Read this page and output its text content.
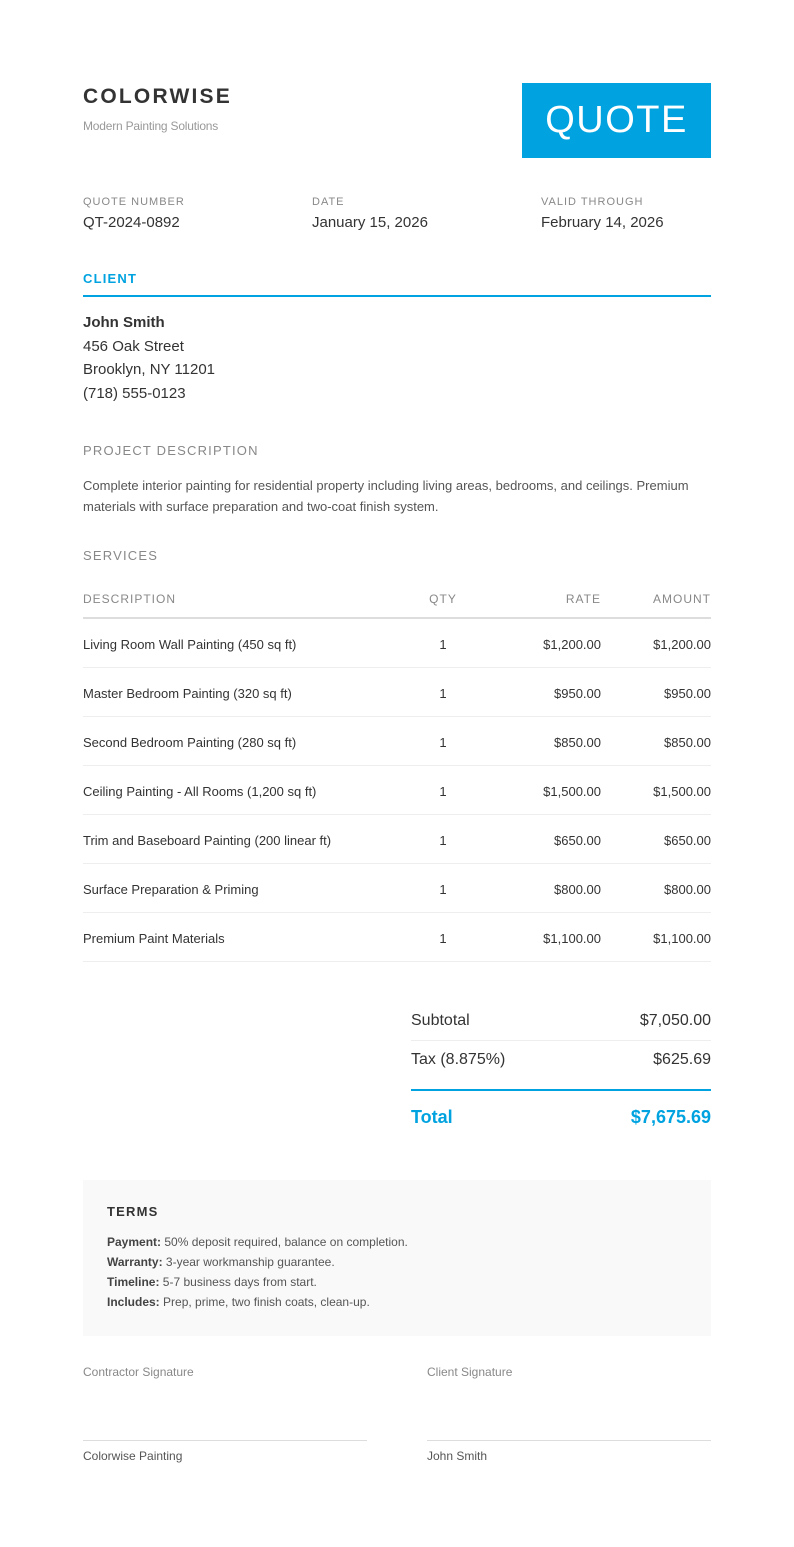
COLORWISE
Modern Painting Solutions	QUOTE
QUOTE NUMBER
QT-2024-0892
DATE
January 15, 2026
VALID THROUGH
February 14, 2026
CLIENT
John Smith
456 Oak Street
Brooklyn, NY 11201
(718) 555-0123
PROJECT DESCRIPTION
Complete interior painting for residential property including living areas, bedrooms, and ceilings. Premium materials with surface preparation and two-coat finish system.
SERVICES
DESCRIPTION	QTY	RATE	AMOUNT
Living Room Wall Painting (450 sq ft)	1	$1,200.00	$1,200.00
Master Bedroom Painting (320 sq ft)	1	$950.00	$950.00
Second Bedroom Painting (280 sq ft)	1	$850.00	$850.00
Ceiling Painting - All Rooms (1,200 sq ft)	1	$1,500.00	$1,500.00
Trim and Baseboard Painting (200 linear ft)	1	$650.00	$650.00
Surface Preparation & Priming	1	$800.00	$800.00
Premium Paint Materials	1	$1,100.00	$1,100.00
Subtotal	$7,050.00
Tax (8.875%)	$625.69
Total	$7,675.69
TERMS
Payment: 50% deposit required, balance on completion.
Warranty: 3-year workmanship guarantee.
Timeline: 5-7 business days from start.
Includes: Prep, prime, two finish coats, clean-up.
Contractor Signature
Colorwise Painting
Client Signature
John Smith
